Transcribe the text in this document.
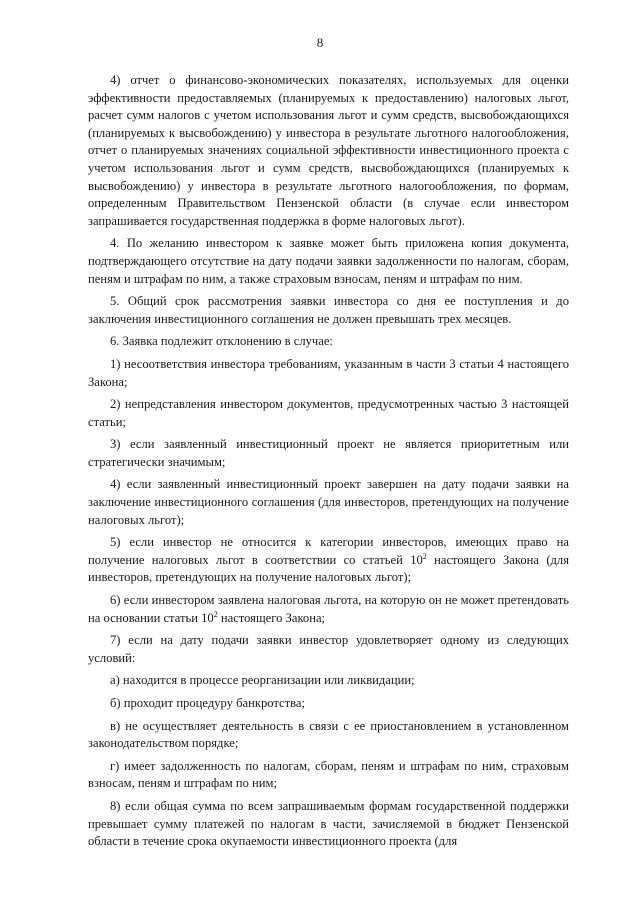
8

4) отчет о финансово-экономических показателях, используемых для оценки эффективности предоставляемых (планируемых к предоставлению) налоговых льгот, расчет сумм налогов с учетом использования льгот и сумм средств, высвобождающихся (планируемых к высвобождению) у инвестора в результате льготного налогообложения, отчет о планируемых значениях социальной эффективности инвестиционного проекта с учетом использования льгот и сумм средств, высвобождающихся (планируемых к высвобождению) у инвестора в результате льготного налогообложения, по формам, определенным Правительством Пензенской области (в случае если инвестором запрашивается государственная поддержка в форме налоговых льгот).

4. По желанию инвестором к заявке может быть приложена копия документа, подтверждающего отсутствие на дату подачи заявки задолженности по налогам, сборам, пеням и штрафам по ним, а также страховым взносам, пеням и штрафам по ним.

5. Общий срок рассмотрения заявки инвестора со дня ее поступления и до заключения инвестиционного соглашения не должен превышать трех месяцев.

6. Заявка подлежит отклонению в случае:

1) несоответствия инвестора требованиям, указанным в части 3 статьи 4 настоящего Закона;

2) непредставления инвестором документов, предусмотренных частью 3 настоящей статьи;

3) если заявленный инвестиционный проект не является приоритетным или стратегически значимым;

4) если заявленный инвестиционный проект завершен на дату подачи заявки на заключение инвестиционного соглашения (для инвесторов, претендующих на получение налоговых льгот);

5) если инвестор не относится к категории инвесторов, имеющих право на получение налоговых льгот в соответствии со статьей $10^2$ настоящего Закона (для инвесторов, претендующих на получение налоговых льгот);

6) если инвестором заявлена налоговая льгота, на которую он не может претендовать на основании статьи $10^2$ настоящего Закона;

7) если на дату подачи заявки инвестор удовлетворяет одному из следующих условий:

а) находится в процессе реорганизации или ликвидации;

б) проходит процедуру банкротства;

в) не осуществляет деятельность в связи с ее приостановлением в установленном законодательством порядке;

г) имеет задолженность по налогам, сборам, пеням и штрафам по ним, страховым взносам, пеням и штрафам по ним;

8) если общая сумма по всем запрашиваемым формам государственной поддержки превышает сумму платежей по налогам в части, зачисляемой в бюджет Пензенской области в течение срока окупаемости инвестиционного проекта (для
